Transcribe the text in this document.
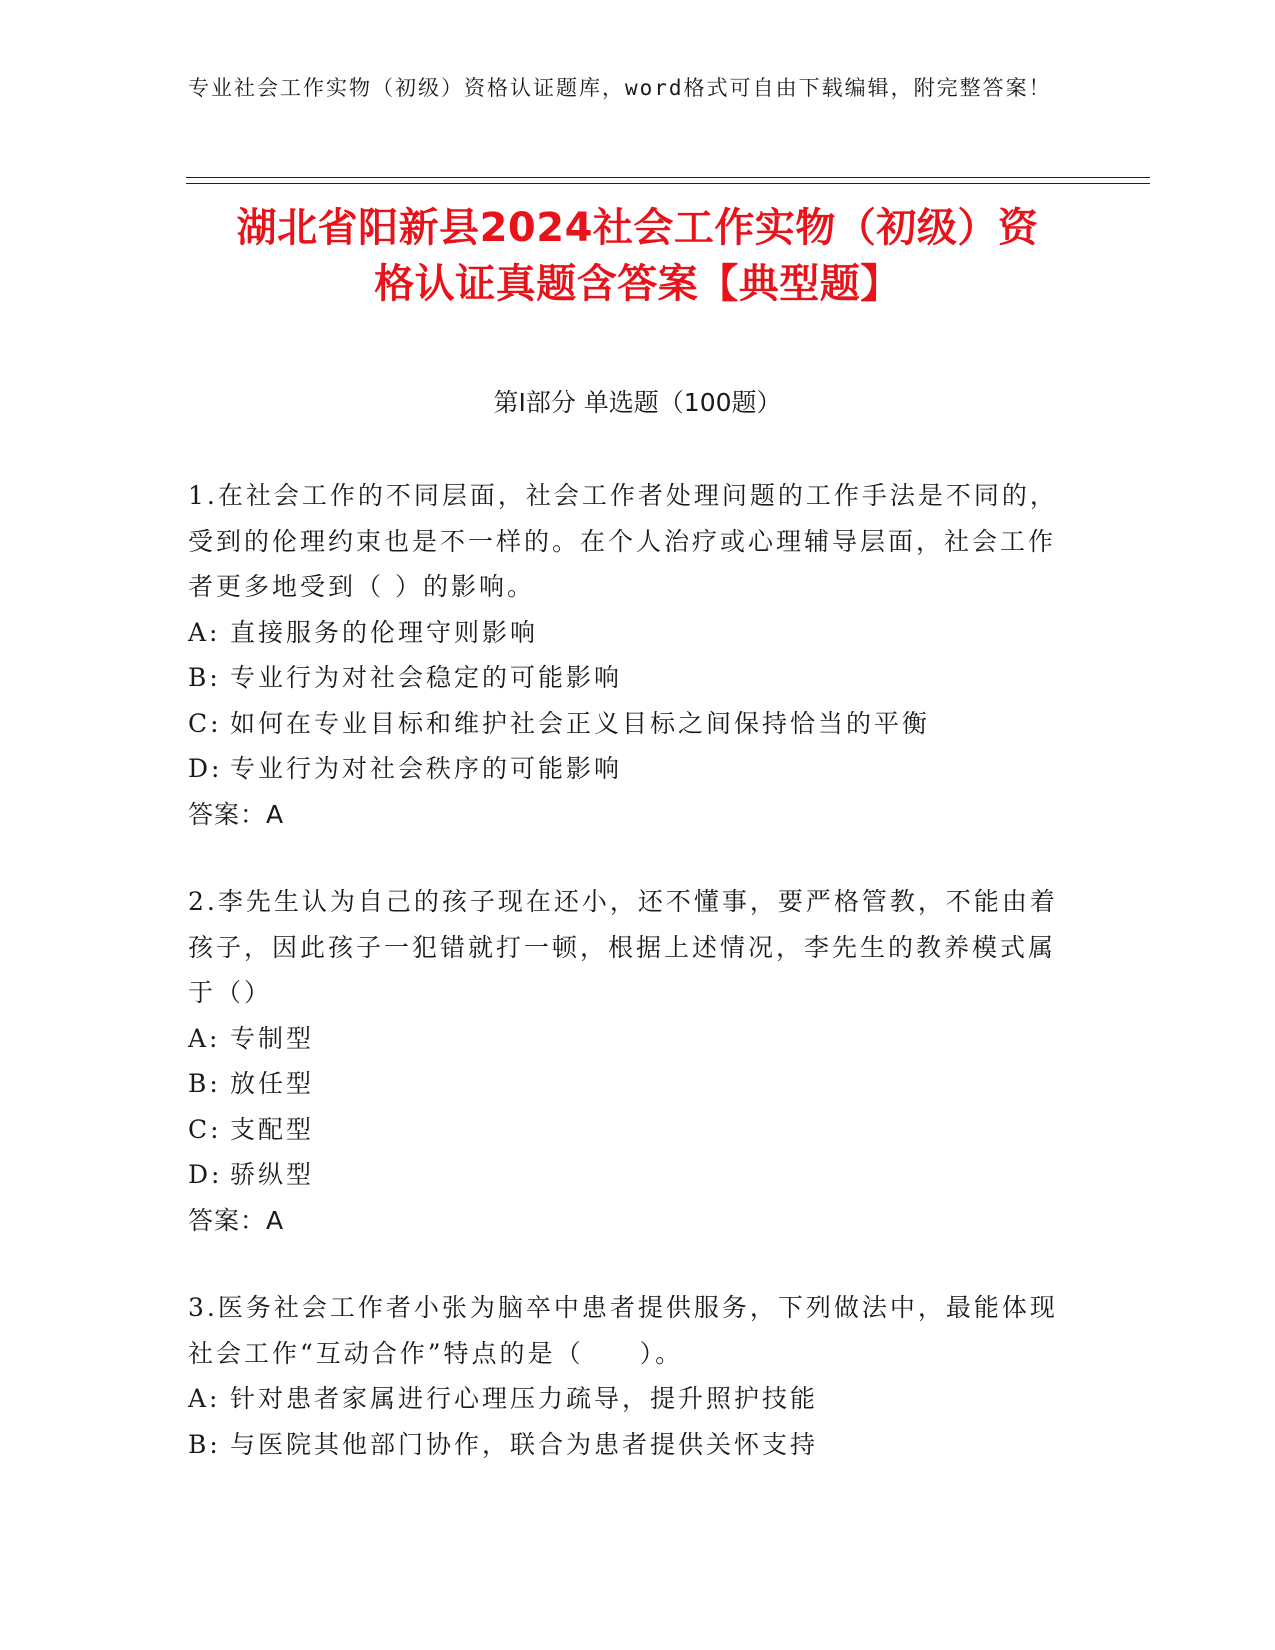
专业社会工作实物（初级）资格认证题库，word格式可自由下载编辑，附完整答案！
湖北省阳新县2024社会工作实物（初级）资
格认证真题含答案【典型题】
第Ⅰ部分 单选题（100题）
1.在社会工作的不同层面，社会工作者处理问题的工作手法是不同的，受到的伦理约束也是不一样的。在个人治疗或心理辅导层面，社会工作者更多地受到（ ）的影响。
A: 直接服务的伦理守则影响
B: 专业行为对社会稳定的可能影响
C: 如何在专业目标和维护社会正义目标之间保持恰当的平衡
D: 专业行为对社会秩序的可能影响
答案：A
2.李先生认为自己的孩子现在还小，还不懂事，要严格管教，不能由着孩子，因此孩子一犯错就打一顿，根据上述情况，李先生的教养模式属于（）
A: 专制型
B: 放任型
C: 支配型
D: 骄纵型
答案：A
3.医务社会工作者小张为脑卒中患者提供服务，下列做法中，最能体现社会工作“互动合作”特点的是（　　）。
A: 针对患者家属进行心理压力疏导，提升照护技能
B: 与医院其他部门协作，联合为患者提供关怀支持
